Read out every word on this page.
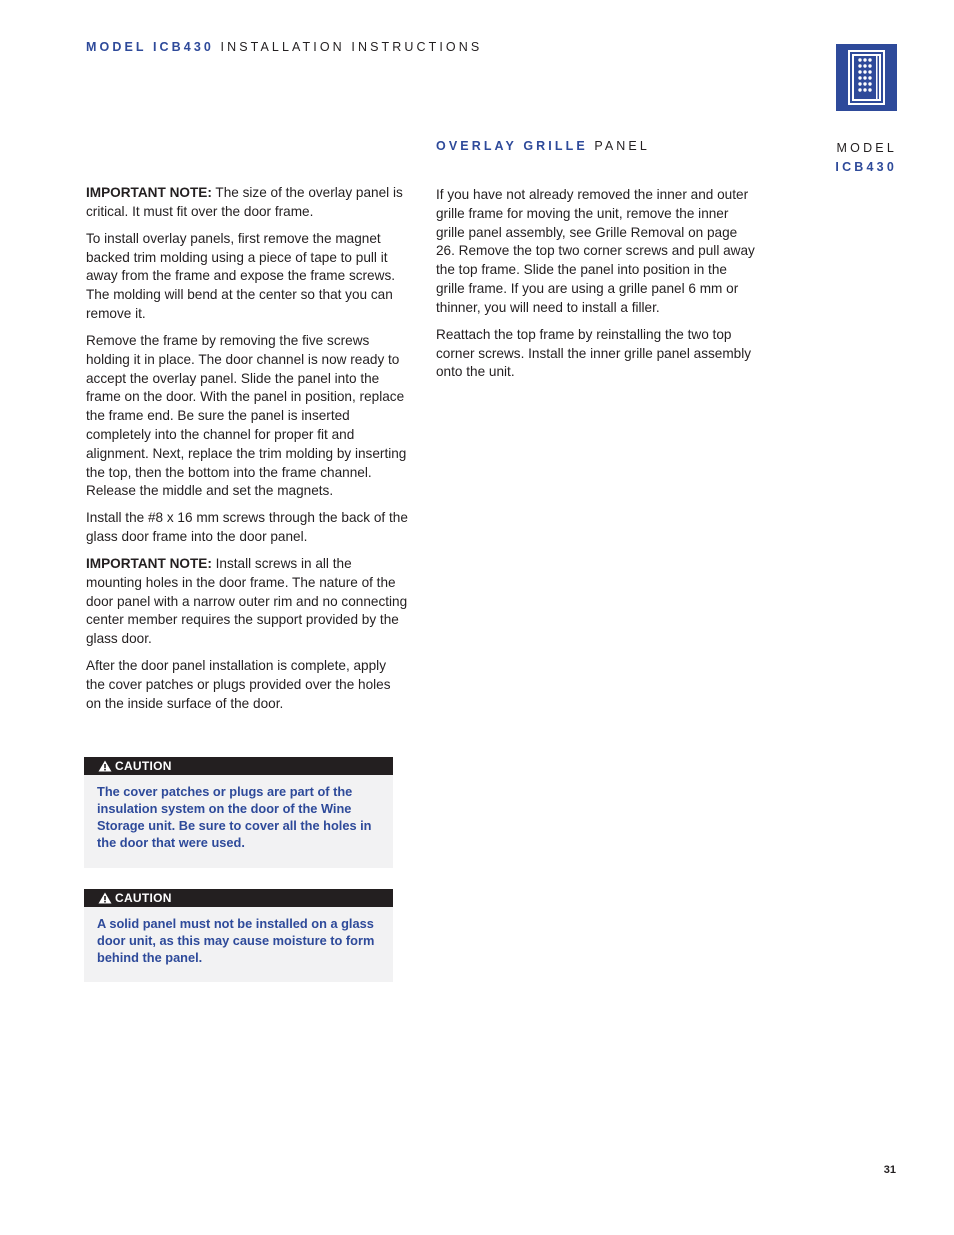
MODEL ICB430 INSTALLATION INSTRUCTIONS
MODEL
ICB430
OVERLAY GRILLE PANEL

IMPORTANT NOTE: The size of the overlay panel is critical. It must fit over the door frame.

To install overlay panels, first remove the magnet backed trim molding using a piece of tape to pull it away from the frame and expose the frame screws. The molding will bend at the center so that you can remove it.

Remove the frame by removing the five screws holding it in place. The door channel is now ready to accept the overlay panel. Slide the panel into the frame on the door. With the panel in position, replace the frame end. Be sure the panel is inserted completely into the channel for proper fit and alignment. Next, replace the trim molding by inserting the top, then the bottom into the frame channel. Release the middle and set the magnets.

Install the #8 x 16 mm screws through the back of the glass door frame into the door panel.

IMPORTANT NOTE: Install screws in all the mounting holes in the door frame. The nature of the door panel with a narrow outer rim and no connecting center member requires the support provided by the glass door.

After the door panel installation is complete, apply the cover patches or plugs provided over the holes on the inside surface of the door.

If you have not already removed the inner and outer grille frame for moving the unit, remove the inner grille panel assembly, see Grille Removal on page 26. Remove the top two corner screws and pull away the top frame. Slide the panel into position in the grille frame. If you are using a grille panel 6 mm or thinner, you will need to install a filler.

Reattach the top frame by reinstalling the two top corner screws. Install the inner grille panel assembly onto the unit.

CAUTION
The cover patches or plugs are part of the insulation system on the door of the Wine Storage unit. Be sure to cover all the holes in the door that were used.
CAUTION
A solid panel must not be installed on a glass door unit, as this may cause moisture to form behind the panel.
31
